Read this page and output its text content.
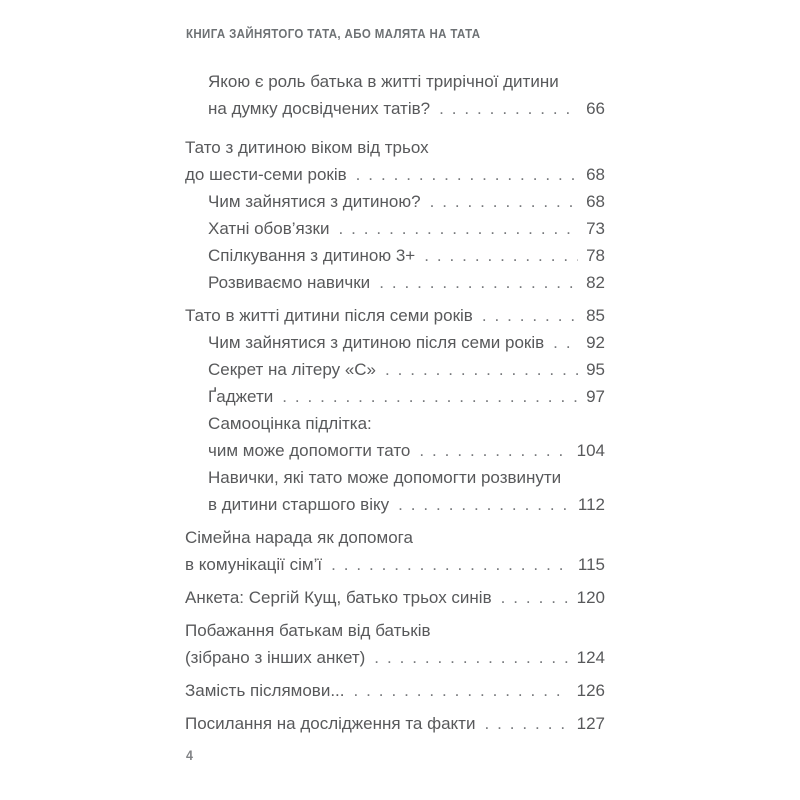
КНИГА ЗАЙНЯТОГО ТАТА, АБО МАЛЯТА НА ТАТА
Якою є роль батька в житті трирічної дитини
на думку досвідчених татів? . . .	66
Тато з дитиною віком від трьох
до шести-семи років . . .	68
Чим зайнятися з дитиною? . . .	68
Хатні обов’язки . . .	73
Спілкування з дитиною 3+ . . .	78
Розвиваємо навички . . .	82
Тато в житті дитини після семи років . . .	85
Чим зайнятися з дитиною після семи років . . . 92
Секрет на літеру «С» . . .	95
Ґаджети . . .	97
Самооцінка підлітка:
чим може допомогти тато . . .	104
Навички, які тато може допомогти розвинути
в дитини старшого віку . . .	112
Сімейна нарада як допомога
в комунікації сім’ї . . .	115
Анкета: Сергій Кущ, батько трьох синів . . .	120
Побажання батькам від батьків
(зібрано з інших анкет) . . .	124
Замість післямови... . . .	126
Посилання на дослідження та факти . . .	127
4
